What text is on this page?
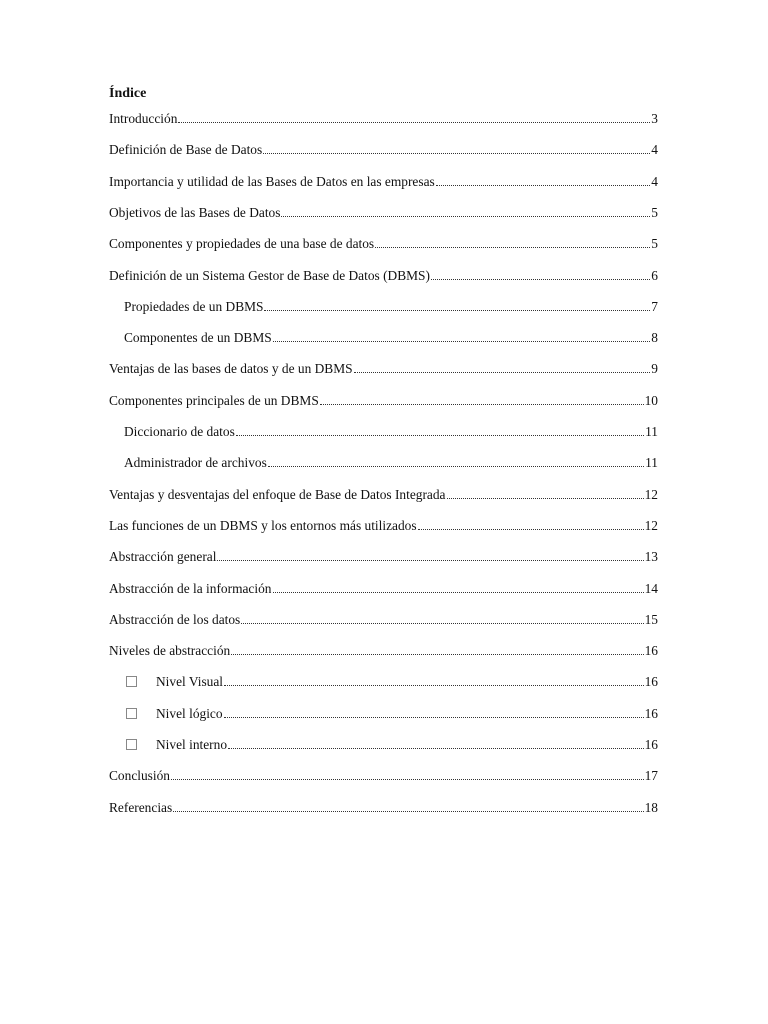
Índice
Introducción	3
Definición de Base de Datos	4
Importancia y utilidad de las Bases de Datos en las empresas	4
Objetivos de las Bases de Datos	5
Componentes y propiedades de una base de datos	5
Definición de un Sistema Gestor de Base de Datos (DBMS)	6
Propiedades de un DBMS	7
Componentes de un DBMS	8
Ventajas de las bases de datos y de un DBMS	9
Componentes principales de un DBMS	10
Diccionario de datos	11
Administrador de archivos	11
Ventajas y desventajas del enfoque de Base de Datos Integrada	12
Las funciones de un DBMS y los entornos más utilizados	12
Abstracción general	13
Abstracción de la información	14
Abstracción de los datos	15
Niveles de abstracción	16
Nivel Visual	16
Nivel lógico	16
Nivel interno	16
Conclusión	17
Referencias	18
